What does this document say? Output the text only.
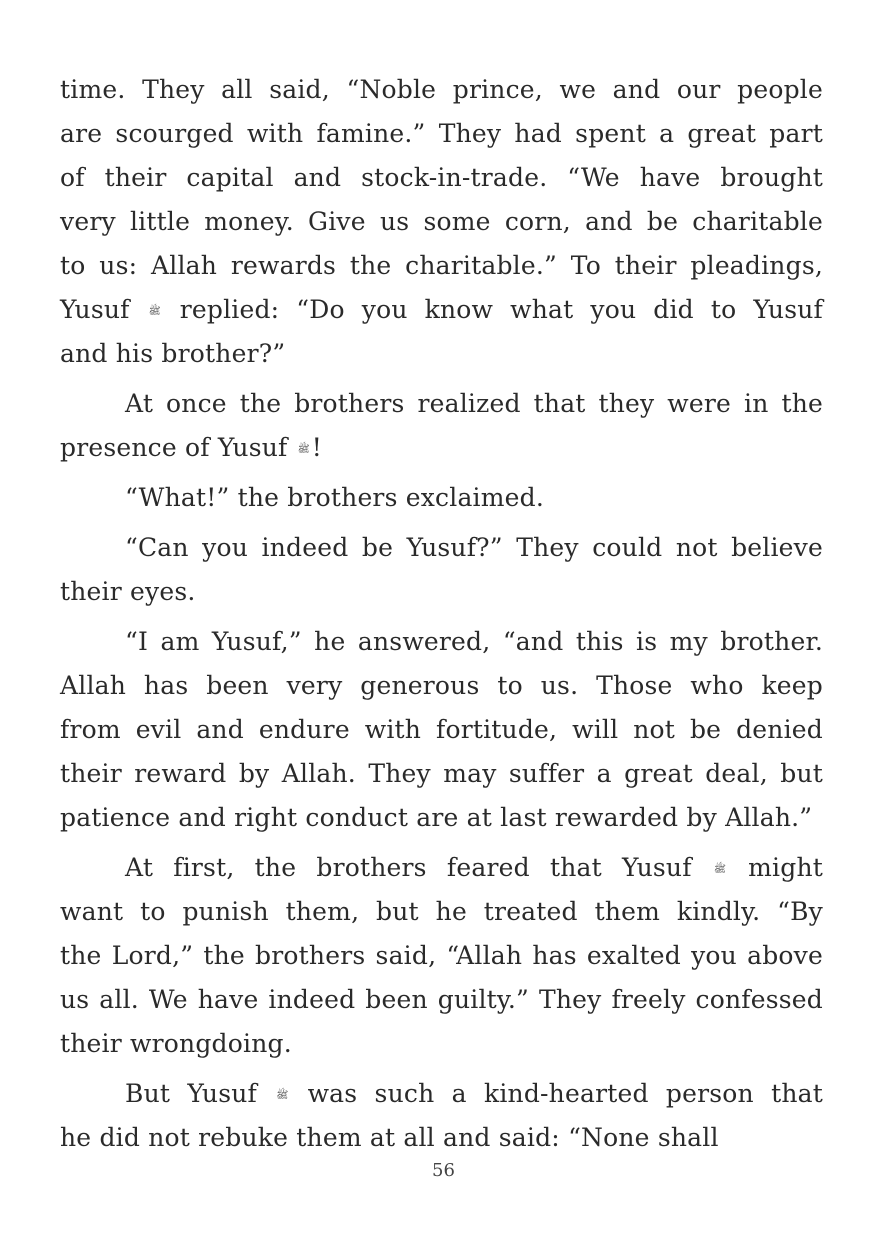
time. They all said, “Noble prince, we and our people
are scourged with famine.” They had spent a great part
of their capital and stock-in-trade. “We have brought
very little money. Give us some corn, and be charitable
to us: Allah rewards the charitable.” To their pleadings,
Yusuf ﷺ replied: “Do you know what you did to Yusuf
and his brother?”
At once the brothers realized that they were in the
presence of Yusuf ﷺ!
“What!” the brothers exclaimed.
“Can you indeed be Yusuf?” They could not believe
their eyes.
“I am Yusuf,” he answered, “and this is my brother.
Allah has been very generous to us. Those who keep
from evil and endure with fortitude, will not be denied
their reward by Allah. They may suffer a great deal, but
patience and right conduct are at last rewarded by Allah.”
At first, the brothers feared that Yusuf ﷺ might
want to punish them, but he treated them kindly. “By
the Lord,” the brothers said, “Allah has exalted you above
us all. We have indeed been guilty.” They freely confessed
their wrongdoing.
But Yusuf ﷺ was such a kind-hearted person that
he did not rebuke them at all and said: “None shall
56
